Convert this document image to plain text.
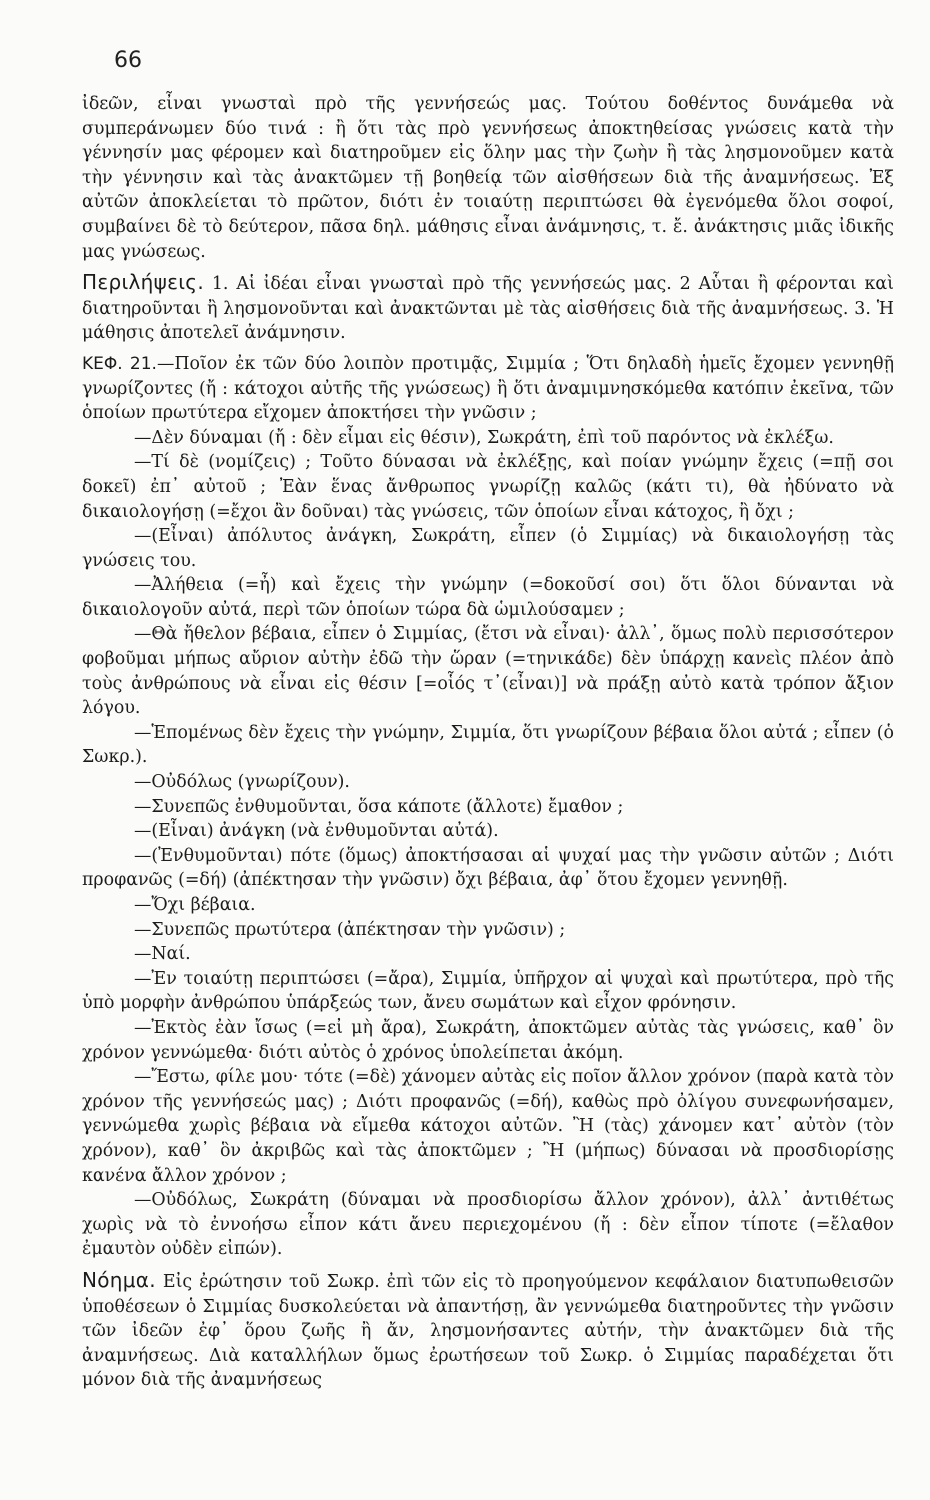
66

ἰδεῶν, εἶναι γνωσταὶ πρὸ τῆς γεννήσεώς μας. Τούτου δοθέντος δυνάμεθα νὰ συμπεράνωμεν δύο τινά : ἢ ὅτι τὰς πρὸ γεννήσεως ἀποκτηθείσας γνώσεις κατὰ τὴν γέννησίν μας φέρομεν καὶ διατηροῦμεν εἰς ὅλην μας τὴν ζωὴν ἢ τὰς λησμονοῦμεν κατὰ τὴν γέννησιν καὶ τὰς ἀνακτῶμεν τῇ βοηθείᾳ τῶν αἰσθήσεων διὰ τῆς ἀναμνήσεως. Ἐξ αὐτῶν ἀποκλείεται τὸ πρῶτον, διότι ἐν τοιαύτῃ περιπτώσει θὰ ἐγενόμεθα ὅλοι σοφοί, συμβαίνει δὲ τὸ δεύτερον, πᾶσα δηλ. μάθησις εἶναι ἀνάμνησις, τ. ἔ. ἀνάκτησις μιᾶς ἰδικῆς μας γνώσεως.

Περιλήψεις. 1. Αἱ ἰδέαι εἶναι γνωσταὶ πρὸ τῆς γεννήσεώς μας. 2 Αὗται ἢ φέρονται καὶ διατηροῦνται ἢ λησμονοῦνται καὶ ἀνακτῶνται μὲ τὰς αἰσθήσεις διὰ τῆς ἀναμνήσεως. 3. Ἡ μάθησις ἀποτελεῖ ἀνάμνησιν.

ΚΕΦ. 21.—Ποῖον ἐκ τῶν δύο λοιπὸν προτιμᾷς, Σιμμία ; Ὅτι δηλαδὴ ἡμεῖς ἔχομεν γεννηθῇ γνωρίζοντες (ἤ : κάτοχοι αὐτῆς τῆς γνώσεως) ἢ ὅτι ἀναμιμνησκόμεθα κατόπιν ἐκεῖνα, τῶν ὁποίων πρωτύτερα εἴχομεν ἀποκτήσει τὴν γνῶσιν ;

—Δὲν δύναμαι (ἤ : δὲν εἶμαι εἰς θέσιν), Σωκράτη, ἐπὶ τοῦ παρόντος νὰ ἐκλέξω.

—Τί δὲ (νομίζεις) ; Τοῦτο δύνασαι νὰ ἐκλέξῃς, καὶ ποίαν γνώμην ἔχεις (=πῇ σοι δοκεῖ) ἐπ᾽ αὐτοῦ ; Ἐὰν ἕνας ἄνθρωπος γνωρίζῃ καλῶς (κάτι τι), θὰ ἠδύνατο νὰ δικαιολογήσῃ (=ἔχοι ἂν δοῦναι) τὰς γνώσεις, τῶν ὁποίων εἶναι κάτοχος, ἢ ὄχι ;

—(Εἶναι) ἀπόλυτος ἀνάγκη, Σωκράτη, εἶπεν (ὁ Σιμμίας) νὰ δικαιολογήσῃ τὰς γνώσεις του.

—Ἀλήθεια (=ἦ) καὶ ἔχεις τὴν γνώμην (=δοκοῦσί σοι) ὅτι ὅλοι δύνανται νὰ δικαιολογοῦν αὐτά, περὶ τῶν ὁποίων τώρα δὰ ὡμιλούσαμεν ;

—Θὰ ἤθελον βέβαια, εἶπεν ὁ Σιμμίας, (ἔτσι νὰ εἶναι)· ἀλλ᾽, ὅμως πολὺ περισσότερον φοβοῦμαι μήπως αὔριον αὐτὴν ἐδῶ τὴν ὥραν (=τηνικάδε) δὲν ὑπάρχῃ κανεὶς πλέον ἀπὸ τοὺς ἀνθρώπους νὰ εἶναι εἰς θέσιν [=οἷός τ᾽(εἶναι)] νὰ πράξῃ αὐτὸ κατὰ τρόπον ἄξιον λόγου.

—Ἑπομένως δὲν ἔχεις τὴν γνώμην, Σιμμία, ὅτι γνωρίζουν βέβαια ὅλοι αὐτά ; εἶπεν (ὁ Σωκρ.).

—Οὐδόλως (γνωρίζουν).

—Συνεπῶς ἐνθυμοῦνται, ὅσα κάποτε (ἄλλοτε) ἔμαθον ;

—(Εἶναι) ἀνάγκη (νὰ ἐνθυμοῦνται αὐτά).

—(Ἐνθυμοῦνται) πότε (ὅμως) ἀποκτήσασαι αἱ ψυχαί μας τὴν γνῶσιν αὐτῶν ; Διότι προφανῶς (=δή) (ἀπέκτησαν τὴν γνῶσιν) ὄχι βέβαια, ἀφ᾽ ὅτου ἔχομεν γεννηθῇ.

—Ὄχι βέβαια.

—Συνεπῶς πρωτύτερα (ἀπέκτησαν τὴν γνῶσιν) ;

—Ναί.

—Ἐν τοιαύτῃ περιπτώσει (=ἄρα), Σιμμία, ὑπῆρχον αἱ ψυχαὶ καὶ πρωτύτερα, πρὸ τῆς ὑπὸ μορφὴν ἀνθρώπου ὑπάρξεώς των, ἄνευ σωμάτων καὶ εἶχον φρόνησιν.

—Ἐκτὸς ἐὰν ἴσως (=εἰ μὴ ἄρα), Σωκράτη, ἀποκτῶμεν αὐτὰς τὰς γνώσεις, καθ᾽ ὃν χρόνον γεννώμεθα· διότι αὐτὸς ὁ χρόνος ὑπολείπεται ἀκόμη.

—Ἔστω, φίλε μου· τότε (=δὲ) χάνομεν αὐτὰς εἰς ποῖον ἄλλον χρόνον (παρὰ κατὰ τὸν χρόνον τῆς γεννήσεώς μας) ; Διότι προφανῶς (=δή), καθὼς πρὸ ὀλίγου συνεφωνήσαμεν, γεννώμεθα χωρὶς βέβαια νὰ εἴμεθα κάτοχοι αὐτῶν. Ἢ (τὰς) χάνομεν κατ᾽ αὐτὸν (τὸν χρόνον), καθ᾽ ὃν ἀκριβῶς καὶ τὰς ἀποκτῶμεν ; Ἢ (μήπως) δύνασαι νὰ προσδιορίσῃς κανένα ἄλλον χρόνον ;

—Οὐδόλως, Σωκράτη (δύναμαι νὰ προσδιορίσω ἄλλον χρόνον), ἀλλ᾽ ἀντιθέτως χωρὶς νὰ τὸ ἐννοήσω εἶπον κάτι ἄνευ περιεχομένου (ἤ : δὲν εἶπον τίποτε (=ἔλαθον ἐμαυτὸν οὐδὲν εἰπών).

Νόημα. Εἰς ἐρώτησιν τοῦ Σωκρ. ἐπὶ τῶν εἰς τὸ προηγούμενον κεφάλαιον διατυπωθεισῶν ὑποθέσεων ὁ Σιμμίας δυσκολεύεται νὰ ἀπαντήσῃ, ἂν γεννώμεθα διατηροῦντες τὴν γνῶσιν τῶν ἰδεῶν ἐφ᾽ ὅρου ζωῆς ἢ ἄν, λησμονήσαντες αὐτήν, τὴν ἀνακτῶμεν διὰ τῆς ἀναμνήσεως. Διὰ καταλλήλων ὅμως ἐρωτήσεων τοῦ Σωκρ. ὁ Σιμμίας παραδέχεται ὅτι μόνον διὰ τῆς ἀναμνήσεως
